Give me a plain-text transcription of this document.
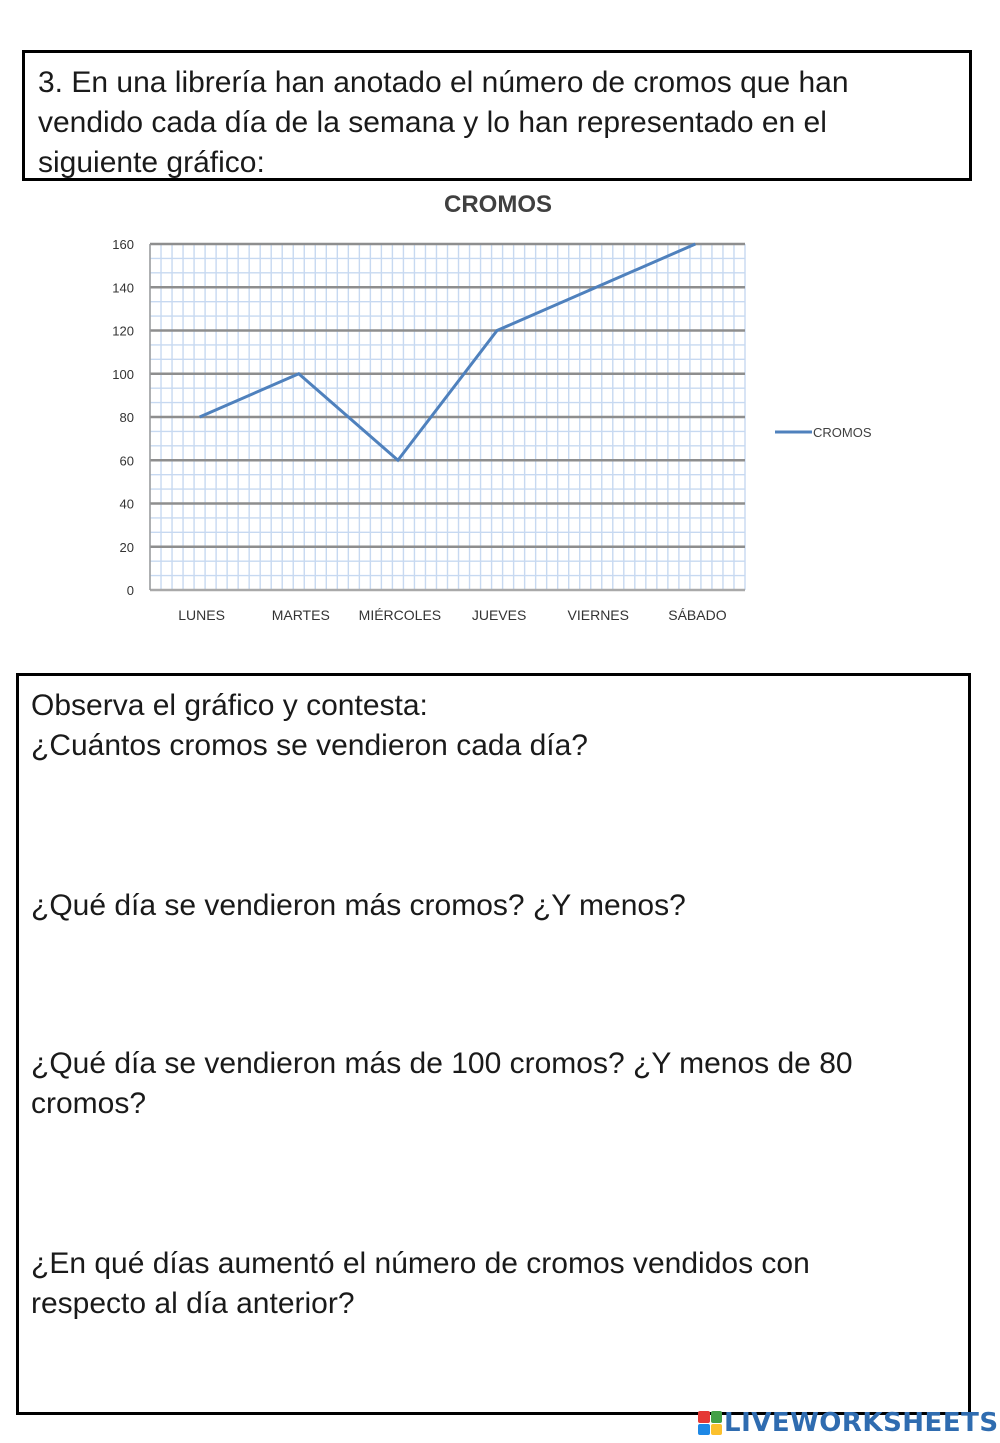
3. En una librería han anotado el número de cromos que han
vendido cada día de la semana y lo han representado en el
siguiente gráfico:
0
20
40
60
80
100
120
140
160
LUNES	MARTES MIÉRCOLES JUEVES	VIERNES	SÁBADO
CROMOS
CROMOS

Observa el gráfico y contesta:

¿Cuántos cromos se vendieron cada día?

¿Qué día se vendieron más cromos? ¿Y menos?

¿Qué día se vendieron más de 100 cromos? ¿Y menos de 80

cromos?

¿En qué días aumentó el número de cromos vendidos con

respecto al día anterior?

LIVEWORKSHEETS
